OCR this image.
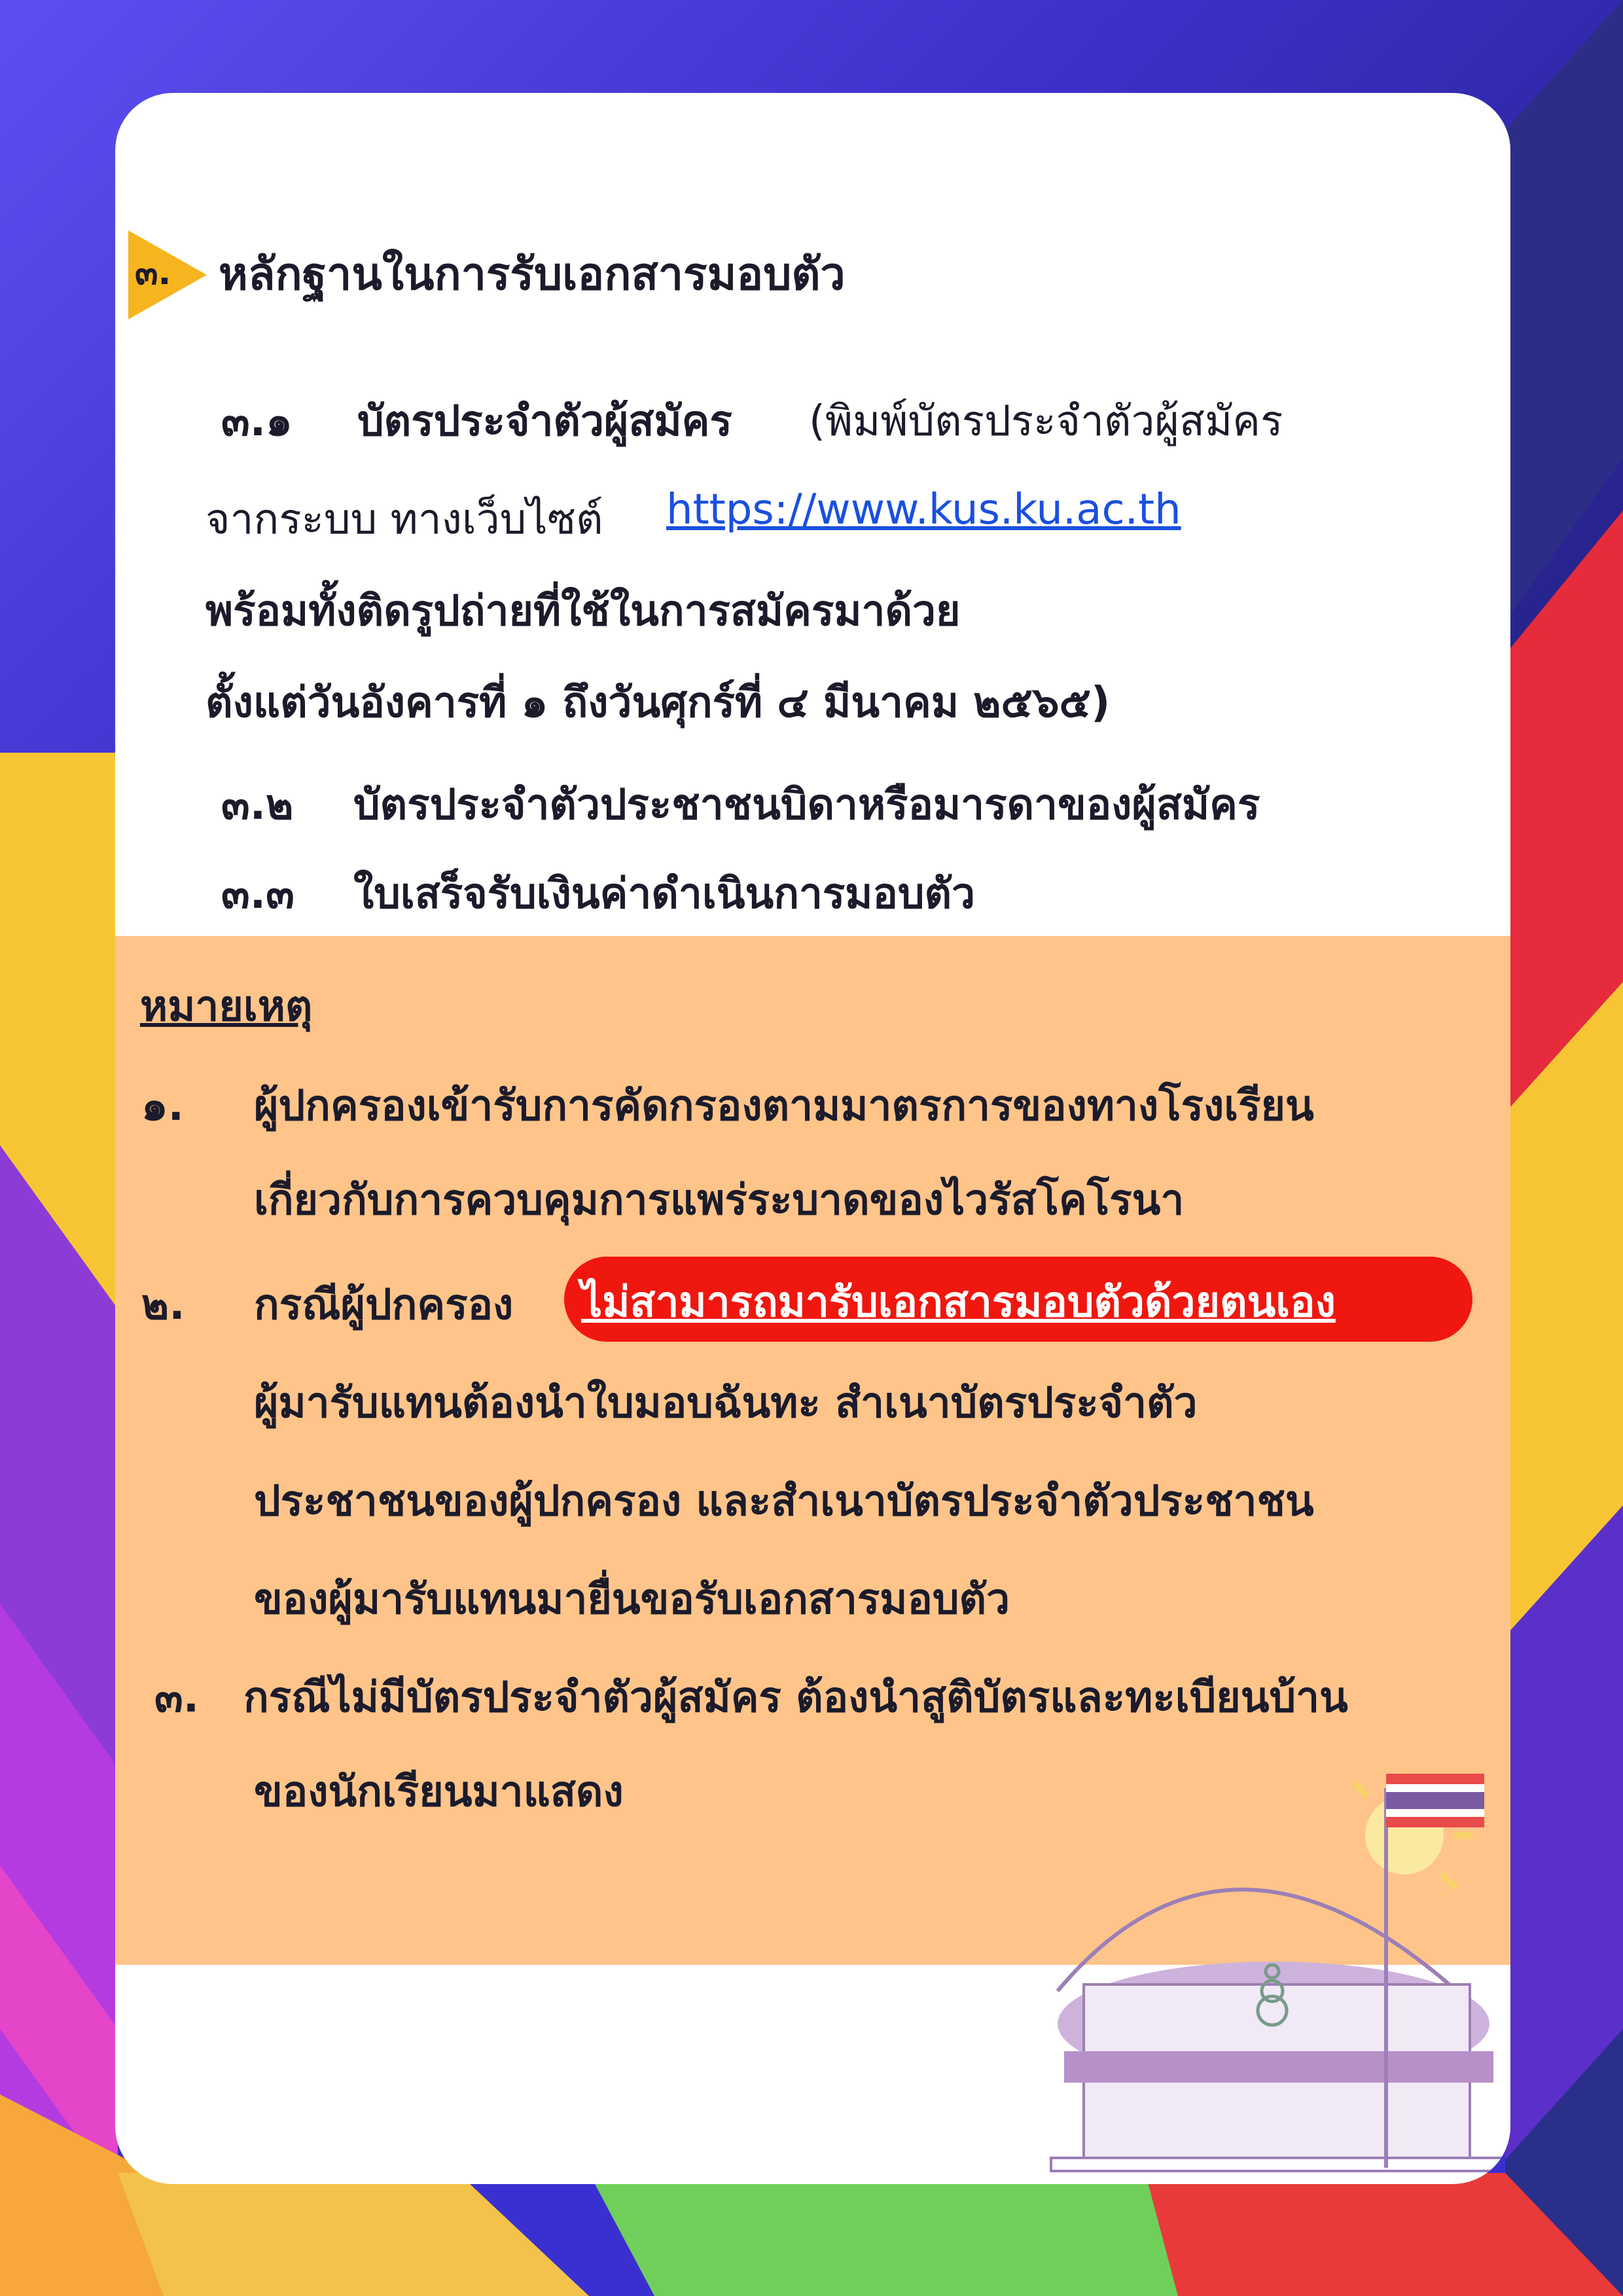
๓. หลักฐานในการรับเอกสารมอบตัว
๓.๑ บัตรประจำตัวผู้สมัคร (พิมพ์บัตรประจำตัวผู้สมัคร
จากระบบ ทางเว็บไซต์ https://www.kus.ku.ac.th
พร้อมทั้งติดรูปถ่ายที่ใช้ในการสมัครมาด้วย
ตั้งแต่วันอังคารที่ ๑ ถึงวันศุกร์ที่ ๔ มีนาคม ๒๕๖๕)
๓.๒ บัตรประจำตัวประชาชนบิดาหรือมารดาของผู้สมัคร
๓.๓ ใบเสร็จรับเงินค่าดำเนินการมอบตัว
หมายเหตุ
๑. ผู้ปกครองเข้ารับการคัดกรองตามมาตรการของทางโรงเรียน
เกี่ยวกับการควบคุมการแพร่ระบาดของไวรัสโคโรนา
๒. กรณีผู้ปกครอง ไม่สามารถมารับเอกสารมอบตัวด้วยตนเอง
ผู้มารับแทนต้องนำใบมอบฉันทะ สำเนาบัตรประจำตัว
ประชาชนของผู้ปกครอง และสำเนาบัตรประจำตัวประชาชน
ของผู้มารับแทนมายื่นขอรับเอกสารมอบตัว
๓. กรณีไม่มีบัตรประจำตัวผู้สมัคร ต้องนำสูติบัตรและทะเบียนบ้าน
ของนักเรียนมาแสดง
